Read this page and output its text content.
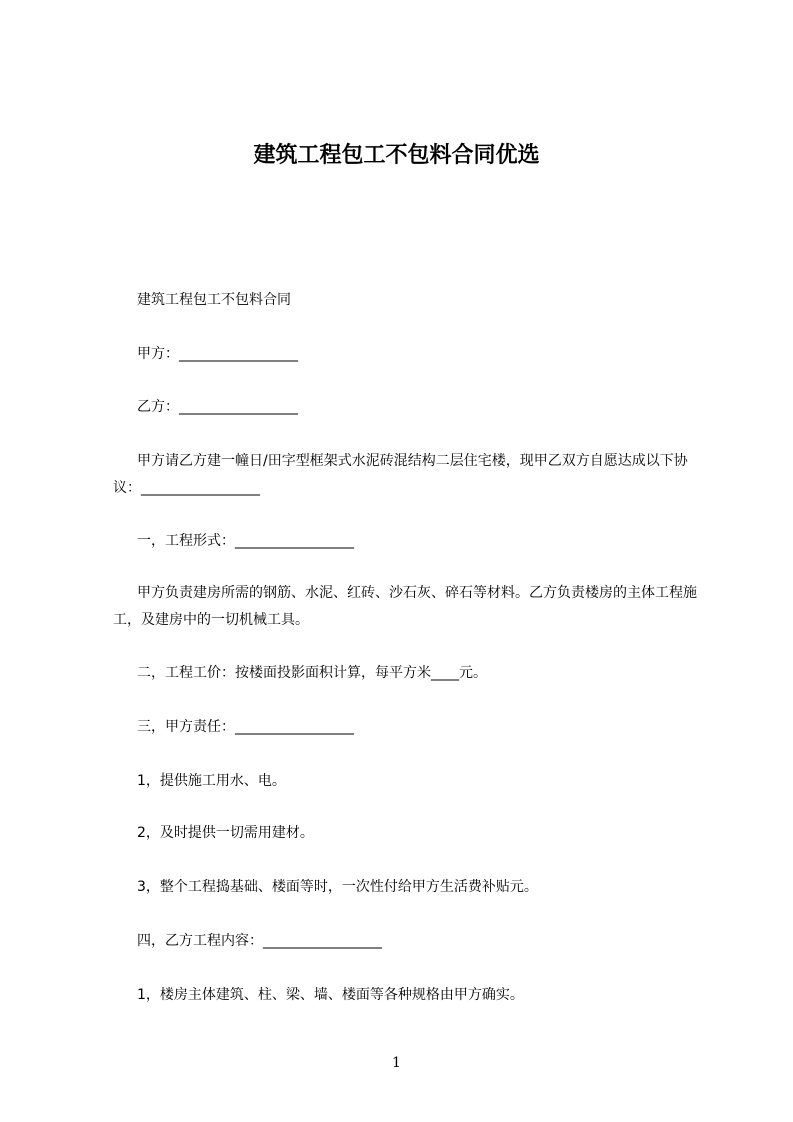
建筑工程包工不包料合同优选

建筑工程包工不包料合同

甲方：_________________

乙方：_________________

甲方请乙方建一幢日/田字型框架式水泥砖混结构二层住宅楼，现甲乙双方自愿达成以下协议：_________________

一，工程形式：_________________

甲方负责建房所需的钢筋、水泥、红砖、沙石灰、碎石等材料。乙方负责楼房的主体工程施工，及建房中的一切机械工具。

二，工程工价：按楼面投影面积计算，每平方米____元。

三，甲方责任：_________________

1，提供施工用水、电。

2，及时提供一切需用建材。

3，整个工程捣基础、楼面等时，一次性付给甲方生活费补贴元。

四，乙方工程内容：_________________

1，楼房主体建筑、柱、梁、墙、楼面等各种规格由甲方确实。

1
